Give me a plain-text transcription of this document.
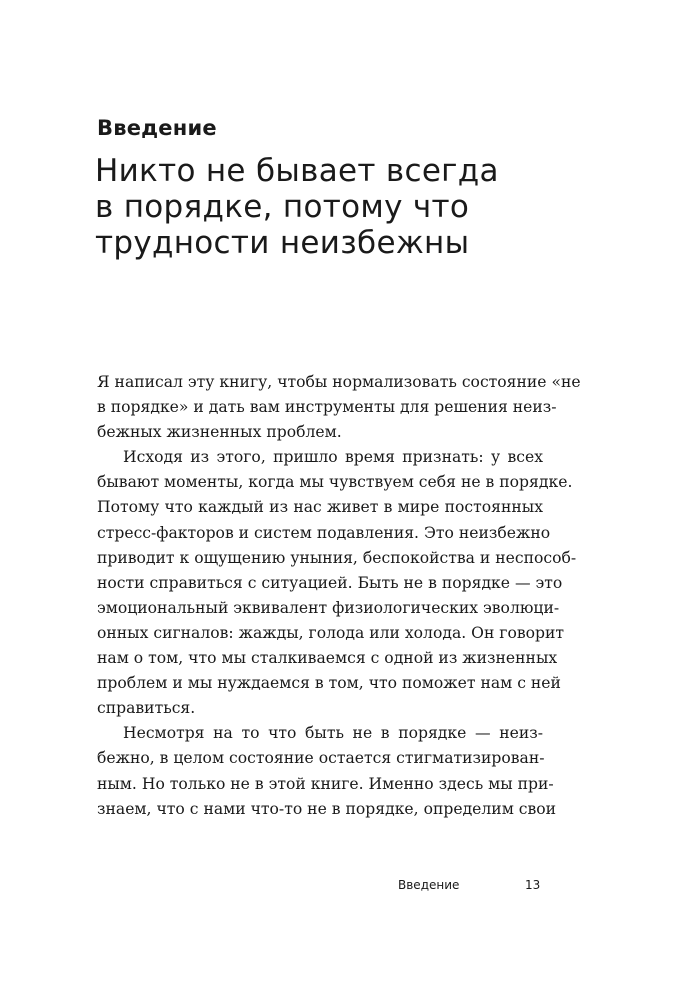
Введение
Никто не бывает всегда
в порядке, потому что
трудности неизбежны
Я написал эту книгу, чтобы нормализовать состояние «не
в порядке» и дать вам инструменты для решения неиз-
бежных жизненных проблем.
Исходя из этого, пришло время признать: у всех
бывают моменты, когда мы чувствуем себя не в порядке.
Потому что каждый из нас живет в мире постоянных
стресс-факторов и систем подавления. Это неизбежно
приводит к ощущению уныния, беспокойства и неспособ-
ности справиться с ситуацией. Быть не в порядке — это
эмоциональный эквивалент физиологических эволюци-
онных сигналов: жажды, голода или холода. Он говорит
нам о том, что мы сталкиваемся с одной из жизненных
проблем и мы нуждаемся в том, что поможет нам с ней
справиться.
Несмотря на то что быть не в порядке — неиз-
бежно, в целом состояние остается стигматизирован-
ным. Но только не в этой книге. Именно здесь мы при-
знаем, что с нами что-то не в порядке, определим свои
Введение	13
